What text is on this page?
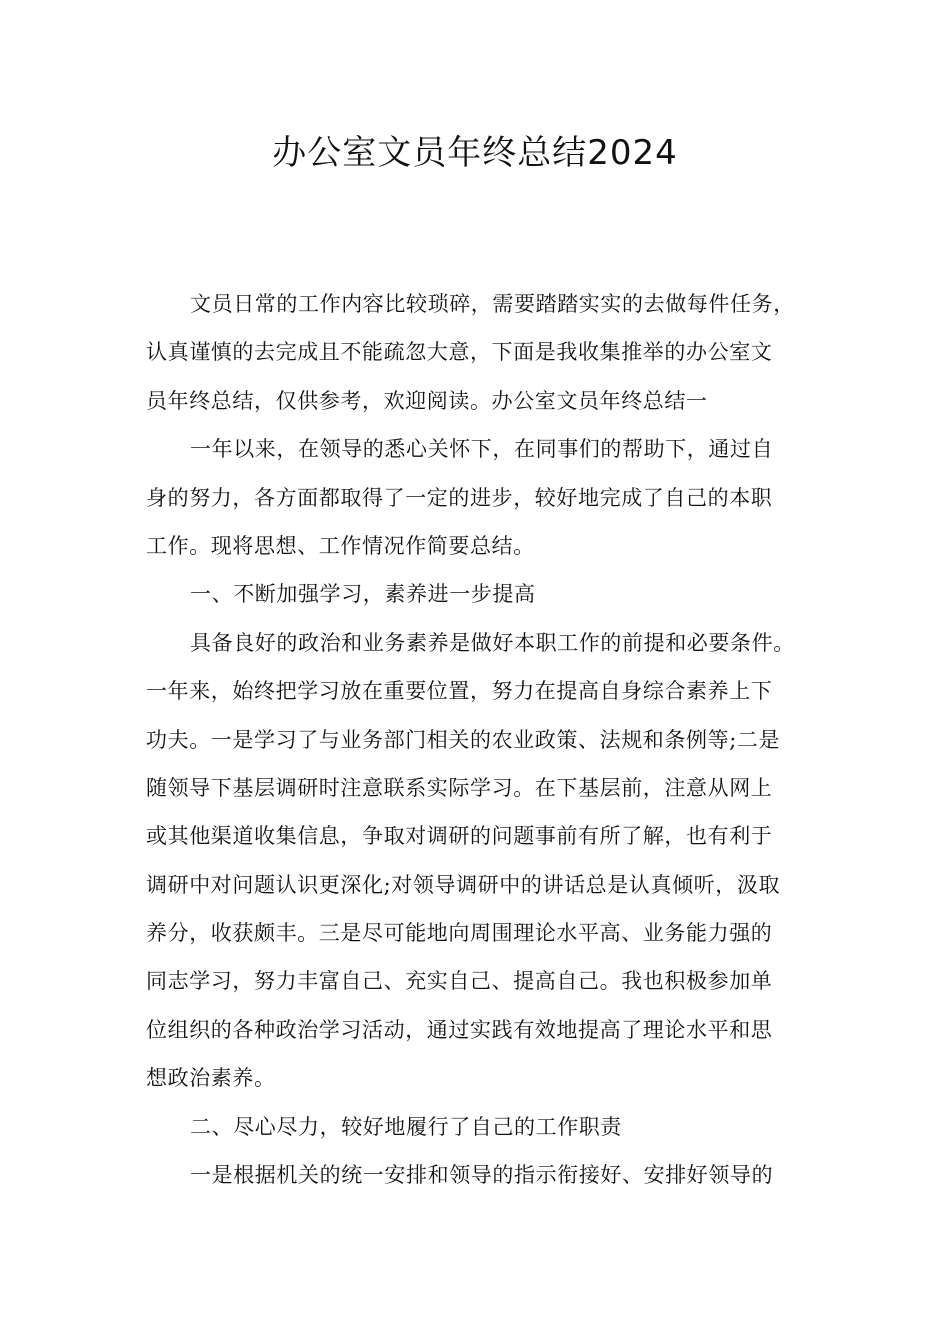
办公室文员年终总结2024
文员日常的工作内容比较琐碎，需要踏踏实实的去做每件任务，
认真谨慎的去完成且不能疏忽大意，下面是我收集推举的办公室文
员年终总结，仅供参考，欢迎阅读。办公室文员年终总结一
一年以来，在领导的悉心关怀下，在同事们的帮助下，通过自
身的努力，各方面都取得了一定的进步，较好地完成了自己的本职
工作。现将思想、工作情况作简要总结。
一、不断加强学习，素养进一步提高
具备良好的政治和业务素养是做好本职工作的前提和必要条件。
一年来，始终把学习放在重要位置，努力在提高自身综合素养上下
功夫。一是学习了与业务部门相关的农业政策、法规和条例等;二是
随领导下基层调研时注意联系实际学习。在下基层前，注意从网上
或其他渠道收集信息，争取对调研的问题事前有所了解，也有利于
调研中对问题认识更深化;对领导调研中的讲话总是认真倾听，汲取
养分，收获颇丰。三是尽可能地向周围理论水平高、业务能力强的
同志学习，努力丰富自己、充实自己、提高自己。我也积极参加单
位组织的各种政治学习活动，通过实践有效地提高了理论水平和思
想政治素养。
二、尽心尽力，较好地履行了自己的工作职责
一是根据机关的统一安排和领导的指示衔接好、安排好领导的
